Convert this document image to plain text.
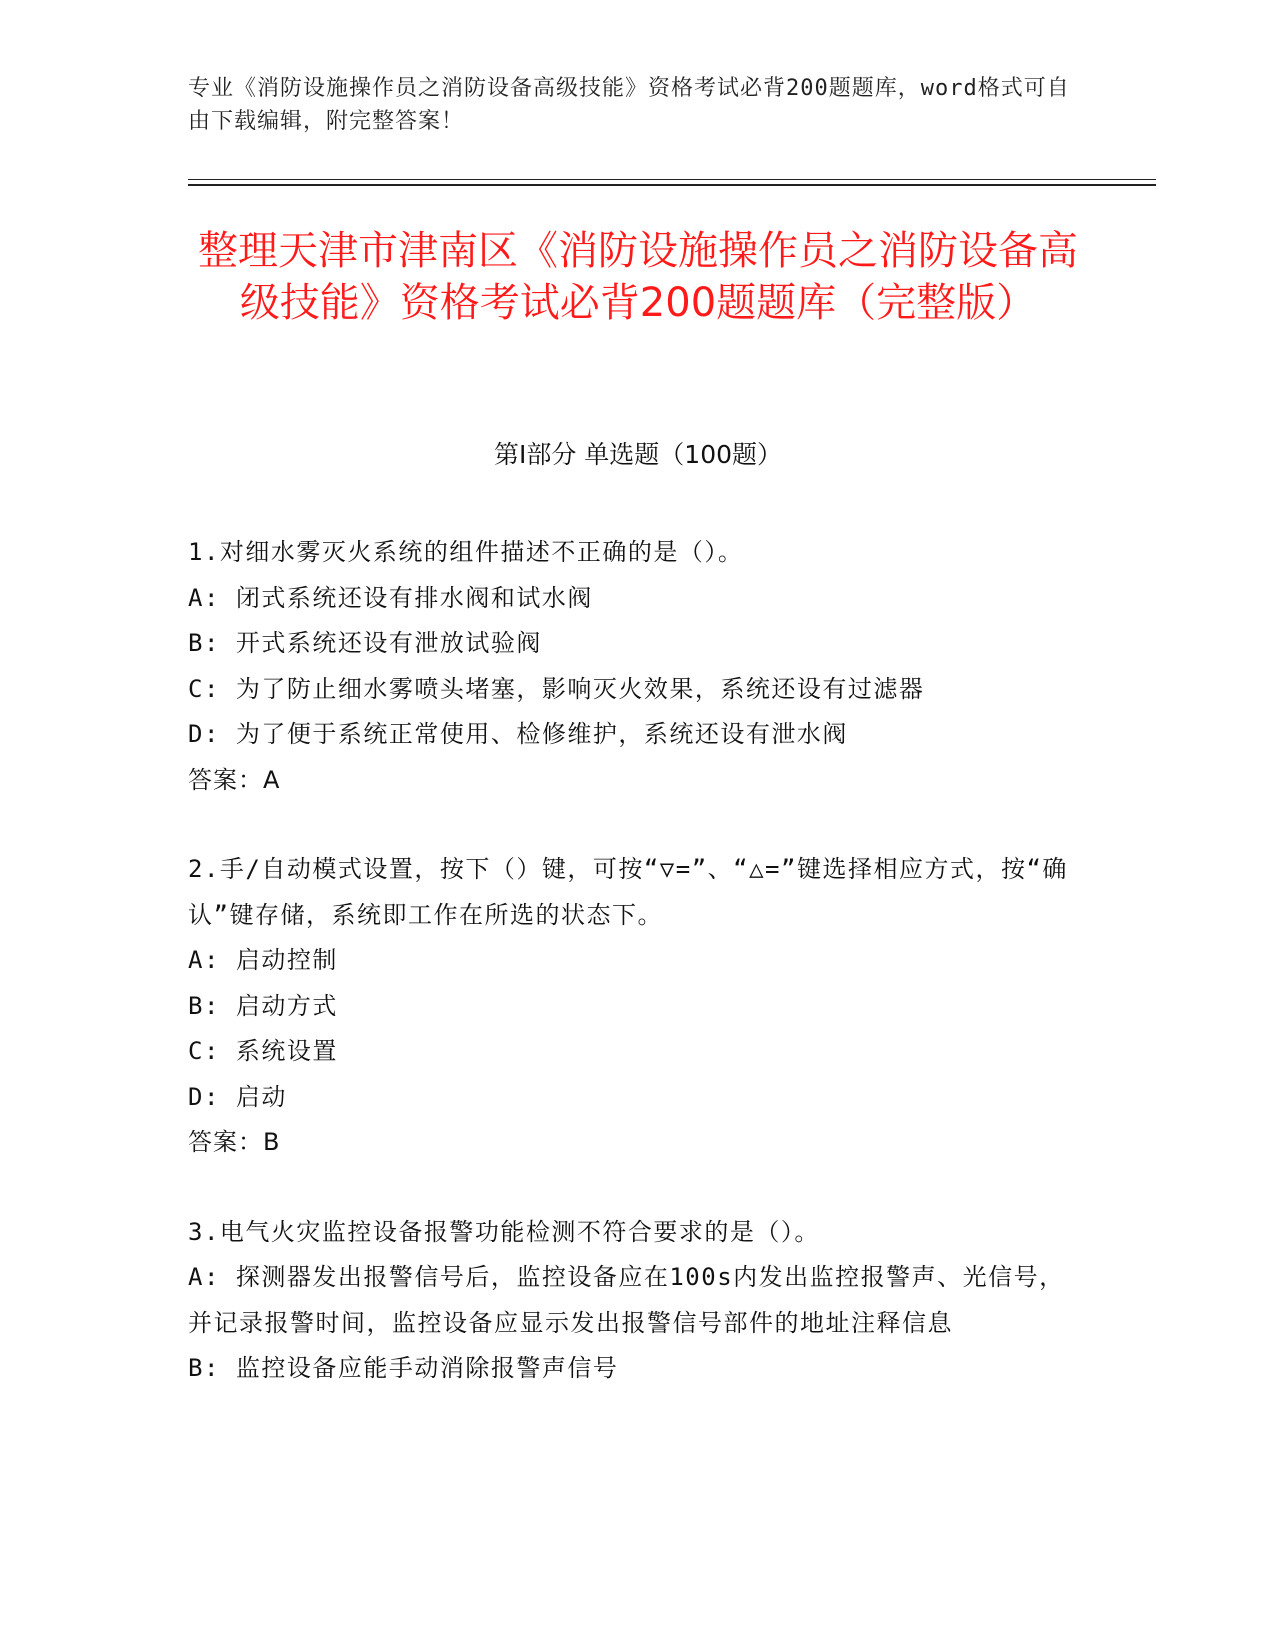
专业《消防设施操作员之消防设备高级技能》资格考试必背200题题库，word格式可自由下载编辑，附完整答案！
整理天津市津南区《消防设施操作员之消防设备高级技能》资格考试必背200题题库（完整版）
第Ⅰ部分 单选题（100题）
1.对细水雾灭火系统的组件描述不正确的是（）。
A: 闭式系统还设有排水阀和试水阀
B: 开式系统还设有泄放试验阀
C: 为了防止细水雾喷头堵塞，影响灭火效果，系统还设有过滤器
D: 为了便于系统正常使用、检修维护，系统还设有泄水阀
答案：A
2.手/自动模式设置，按下（）键，可按“▽=”、“△=”键选择相应方式，按“确认”键存储，系统即工作在所选的状态下。
A: 启动控制
B: 启动方式
C: 系统设置
D: 启动
答案：B
3.电气火灾监控设备报警功能检测不符合要求的是（）。
A: 探测器发出报警信号后，监控设备应在100s内发出监控报警声、光信号，并记录报警时间，监控设备应显示发出报警信号部件的地址注释信息
B: 监控设备应能手动消除报警声信号
